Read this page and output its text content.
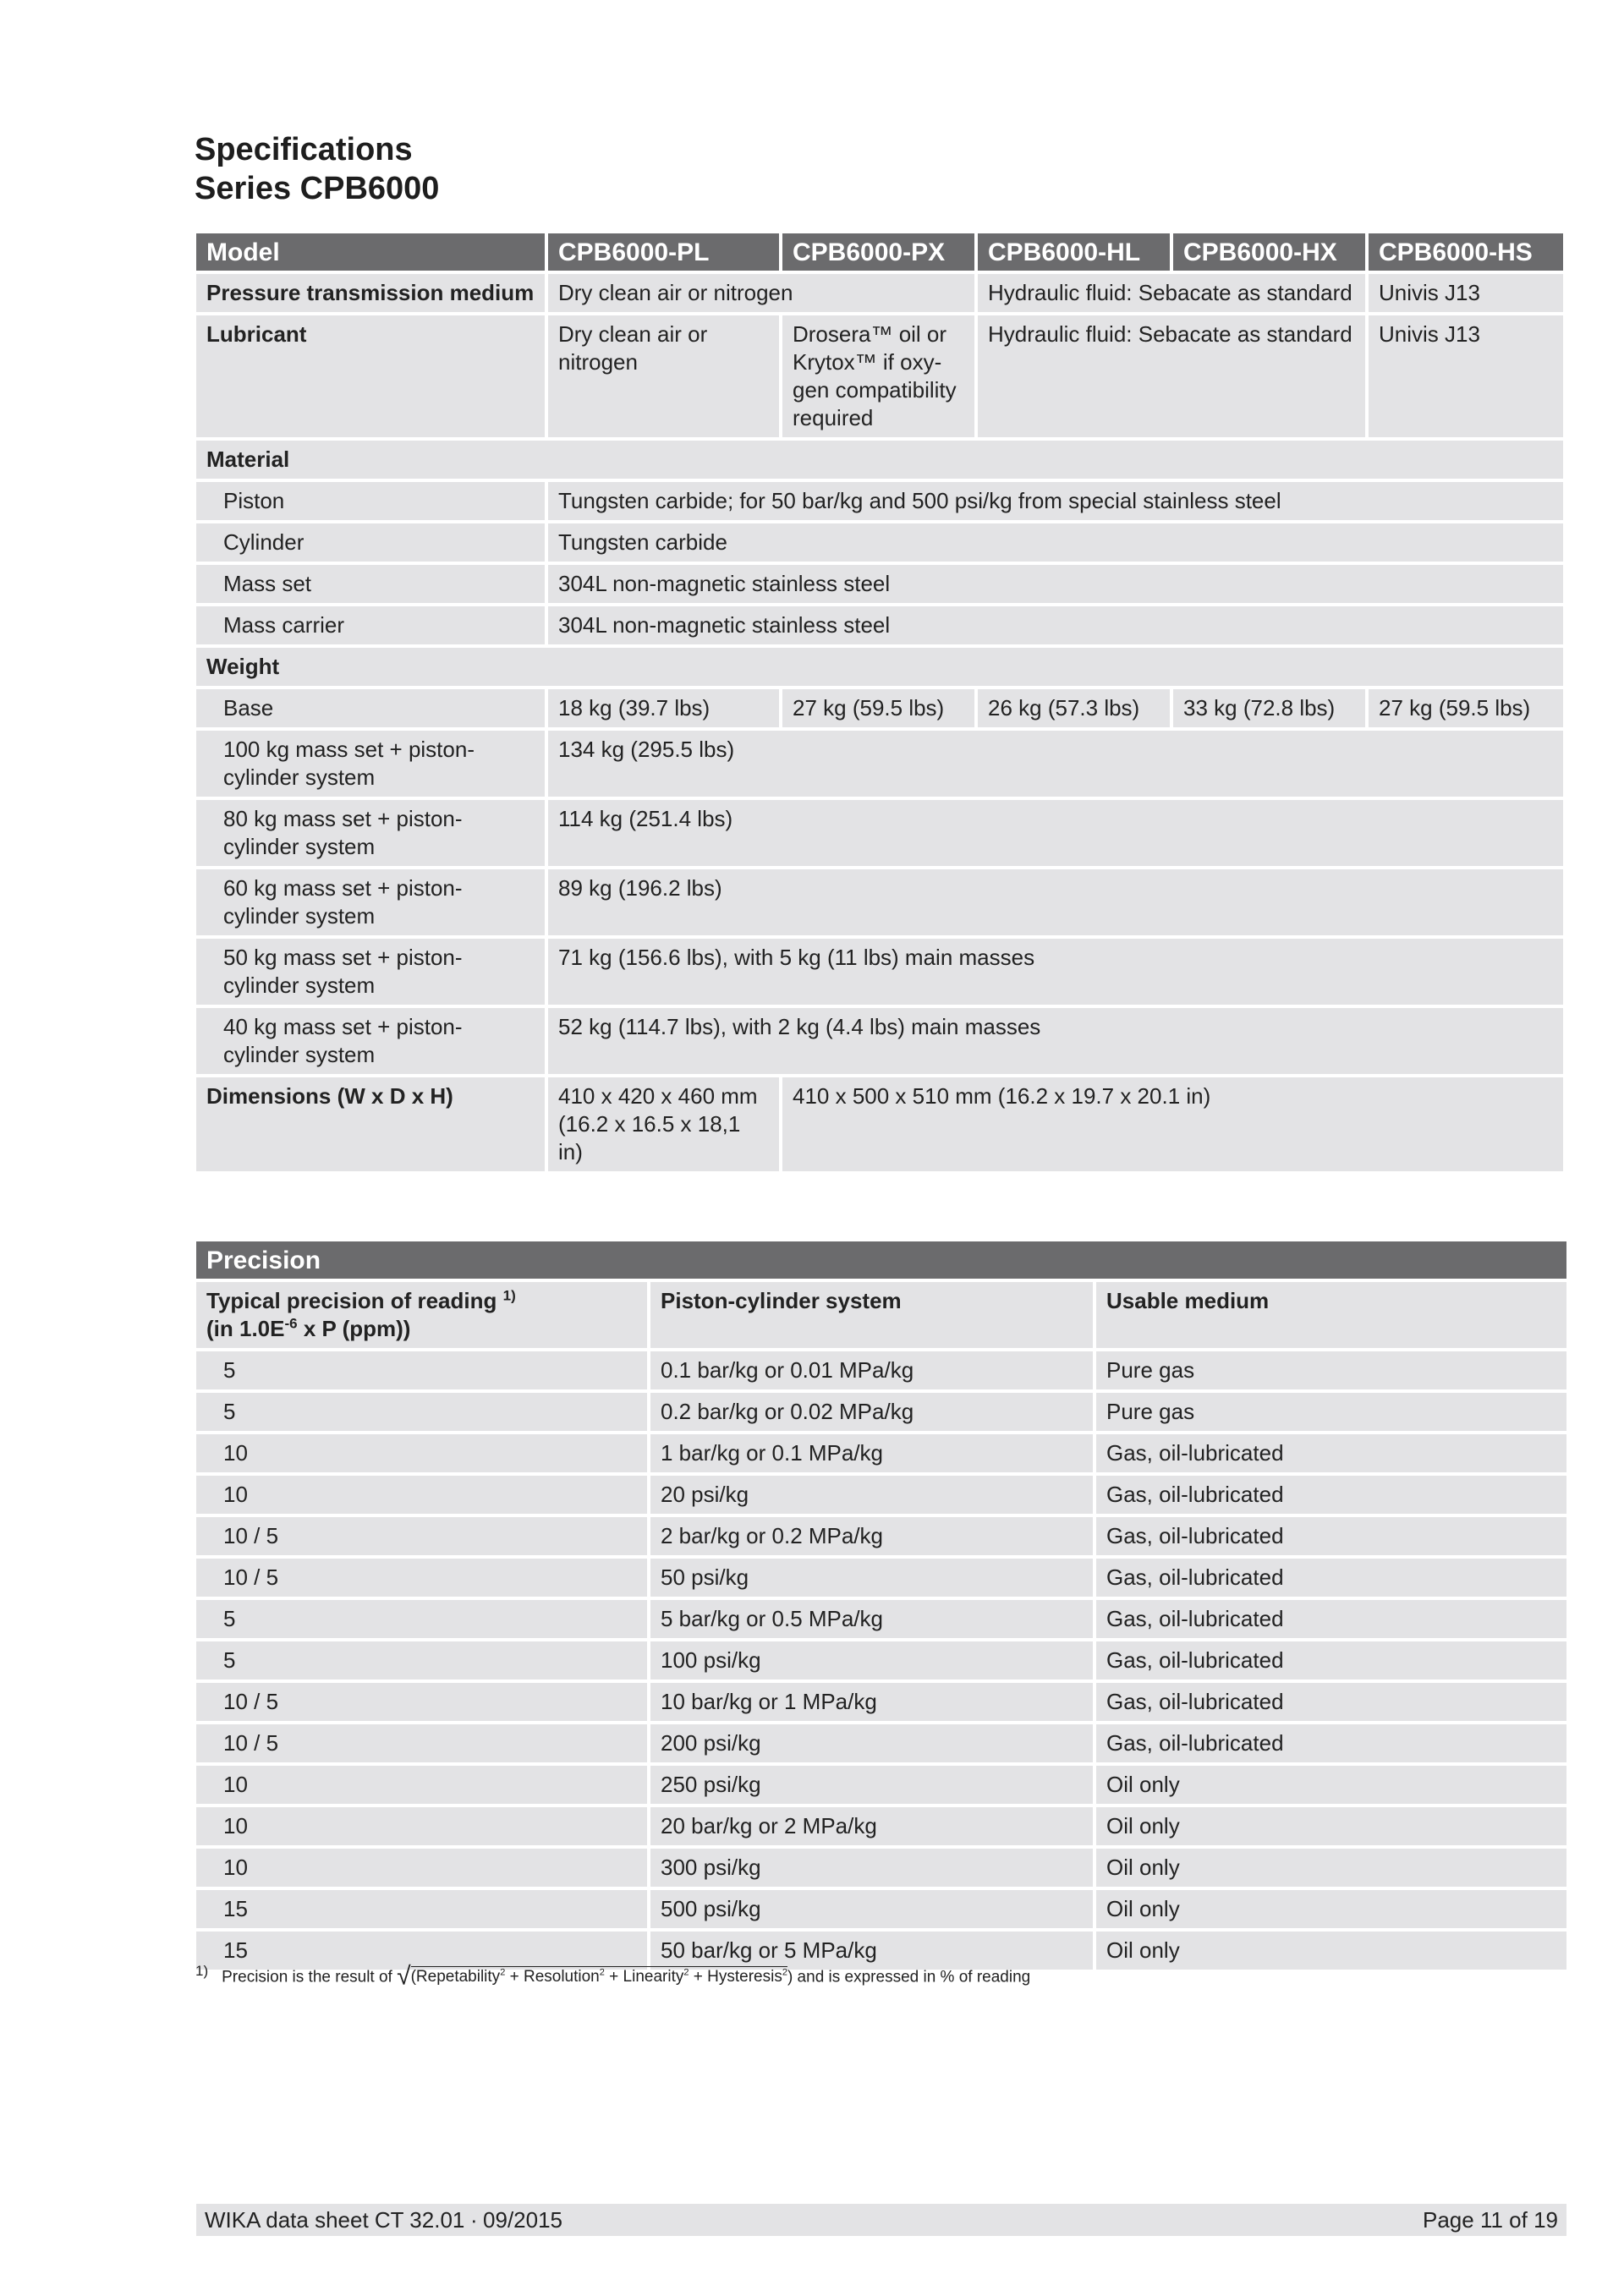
Specifications
Series CPB6000
Model	CPB6000-PL	CPB6000-PX	CPB6000-HL	CPB6000-HX	CPB6000-HS
Pressure transmission medium	Dry clean air or nitrogen		Hydraulic fluid: Sebacate as standard		Univis J13
Lubricant	Dry clean air or nitrogen	Drosera™ oil or Krytox™ if oxy-gen compatibility required	Hydraulic fluid: Sebacate as standard		Univis J13
Material					
Piston	Tungsten carbide; for 50 bar/kg and 500 psi/kg from special stainless steel				
Cylinder	Tungsten carbide				
Mass set	304L non-magnetic stainless steel				
Mass carrier	304L non-magnetic stainless steel				
Weight					
Base	18 kg (39.7 lbs)	27 kg (59.5 lbs)	26 kg (57.3 lbs)	33 kg (72.8 lbs)	27 kg (59.5 lbs)
100 kg mass set + piston-cylinder system	134 kg (295.5 lbs)				
80 kg mass set + piston-cylinder system	114 kg (251.4 lbs)				
60 kg mass set + piston-cylinder system	89 kg (196.2 lbs)				
50 kg mass set + piston-cylinder system	71 kg (156.6 lbs), with 5 kg (11 lbs) main masses				
40 kg mass set + piston-cylinder system	52 kg (114.7 lbs), with 2 kg (4.4 lbs) main masses				
Dimensions (W x D x H)	410 x 420 x 460 mm (16.2 x 16.5 x 18,1 in)	410 x 500 x 510 mm (16.2 x 19.7 x 20.1 in)			
Precision		
Typical precision of reading $^{1)}$
(in $1.0E^{-6}$ x P (ppm))	Piston-cylinder system	Usable medium
5	0.1 bar/kg or 0.01 MPa/kg	Pure gas
5	0.2 bar/kg or 0.02 MPa/kg	Pure gas
10	1 bar/kg or 0.1 MPa/kg	Gas, oil-lubricated
10	20 psi/kg	Gas, oil-lubricated
10 / 5	2 bar/kg or 0.2 MPa/kg	Gas, oil-lubricated
10 / 5	50 psi/kg	Gas, oil-lubricated
5	5 bar/kg or 0.5 MPa/kg	Gas, oil-lubricated
5	100 psi/kg	Gas, oil-lubricated
10 / 5	10 bar/kg or 1 MPa/kg	Gas, oil-lubricated
10 / 5	200 psi/kg	Gas, oil-lubricated
10	250 psi/kg	Oil only
10	20 bar/kg or 2 MPa/kg	Oil only
10	300 psi/kg	Oil only
15	500 psi/kg	Oil only
15	50 bar/kg or 5 MPa/kg	Oil only
1) Precision is the result of √(Repetability$^2$ + Resolution$^2$ + Linearity$^2$ + Hysteresis$^2$) and is expressed in % of reading
WIKA data sheet CT 32.01 ∙ 09/2015	Page 11 of 19
